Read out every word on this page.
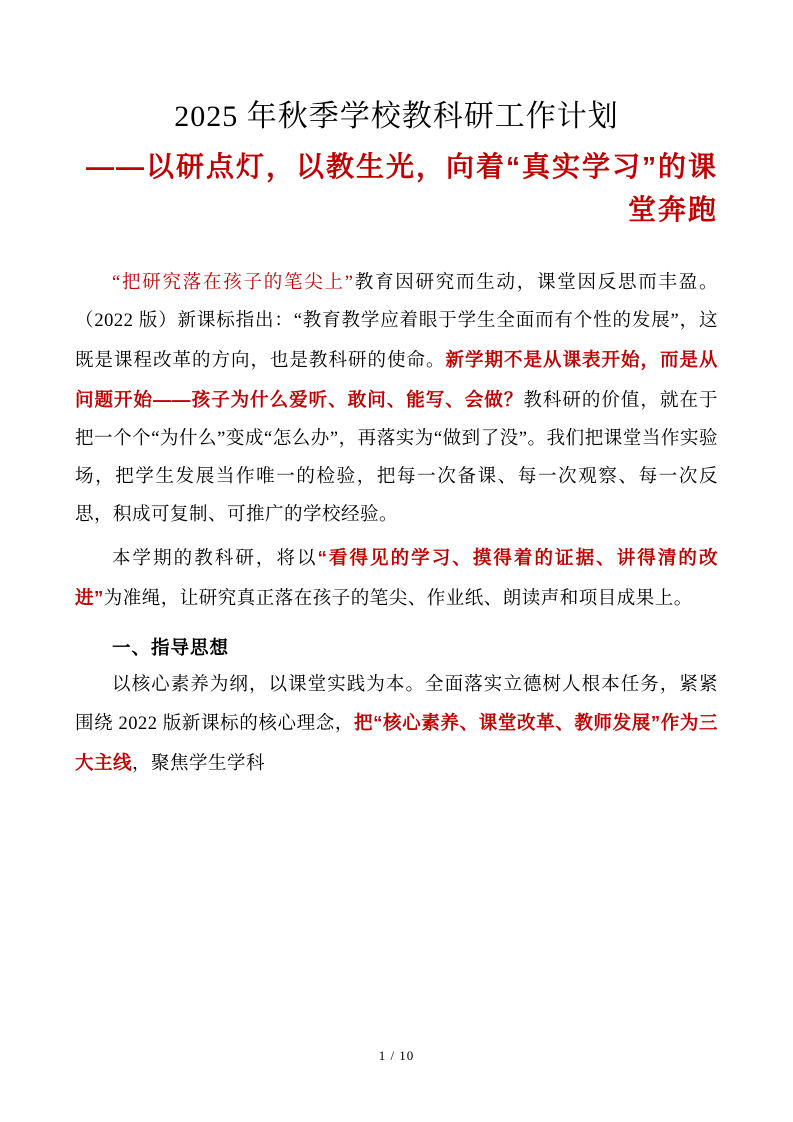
2025 年秋季学校教科研工作计划
——以研点灯，以教生光，向着“真实学习”的课堂奔跑

“把研究落在孩子的笔尖上”教育因研究而生动，课堂因反思而丰盈。（2022 版）新课标指出：“教育教学应着眼于学生全面而有个性的发展”，这既是课程改革的方向，也是教科研的使命。新学期不是从课表开始，而是从问题开始——孩子为什么爱听、敢问、能写、会做？教科研的价值，就在于把一个个“为什么”变成“怎么办”，再落实为“做到了没”。我们把课堂当作实验场，把学生发展当作唯一的检验，把每一次备课、每一次观察、每一次反思，积成可复制、可推广的学校经验。

本学期的教科研，将以“看得见的学习、摸得着的证据、讲得清的改进”为准绳，让研究真正落在孩子的笔尖、作业纸、朗读声和项目成果上。

一、指导思想

以核心素养为纲，以课堂实践为本。全面落实立德树人根本任务，紧紧围绕 2022 版新课标的核心理念，把“核心素养、课堂改革、教师发展”作为三大主线，聚焦学生学科

1 / 10
